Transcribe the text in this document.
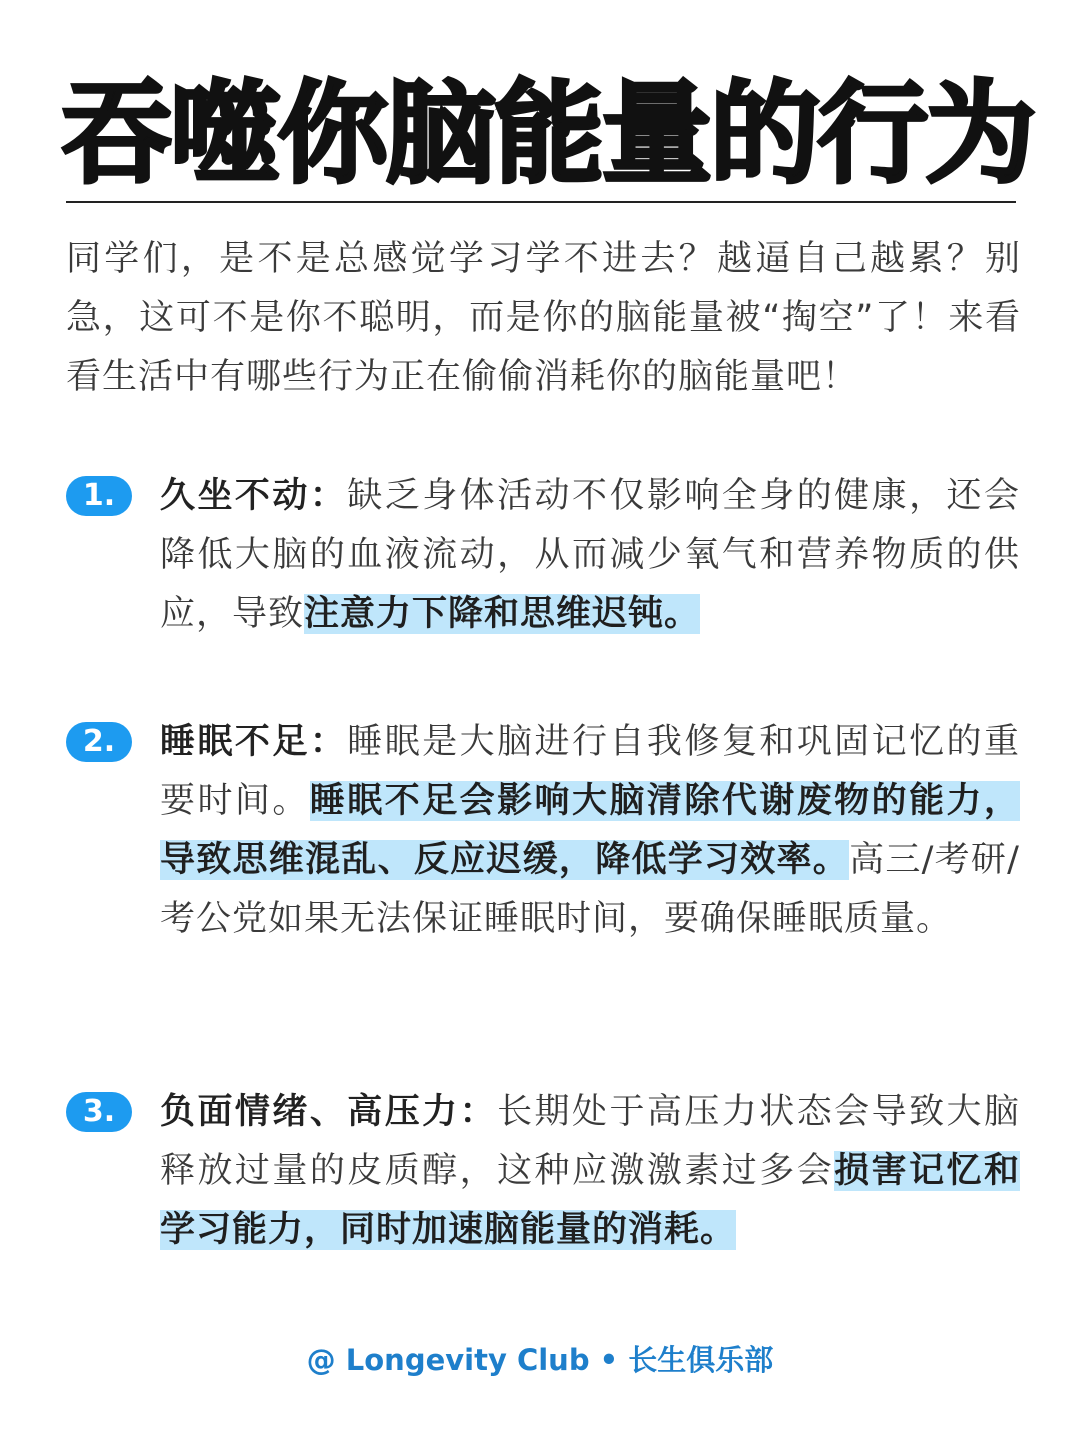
吞噬你脑能量的行为

同学们，是不是总感觉学习学不进去？越逼自己越累？别急，这可不是你不聪明，而是你的脑能量被“掏空”了！来看看生活中有哪些行为正在偷偷消耗你的脑能量吧！

1.	久坐不动：缺乏身体活动不仅影响全身的健康，还会降低大脑的血液流动，从而减少氧气和营养物质的供应，导致注意力下降和思维迟钝。

2.	睡眠不足：睡眠是大脑进行自我修复和巩固记忆的重要时间。睡眠不足会影响大脑清除代谢废物的能力，导致思维混乱、反应迟缓，降低学习效率。高三/考研/考公党如果无法保证睡眠时间，要确保睡眠质量。

3.	负面情绪、高压力：长期处于高压力状态会导致大脑释放过量的皮质醇，这种应激激素过多会损害记忆和学习能力，同时加速脑能量的消耗。

@ Longevity Club • 长生俱乐部
